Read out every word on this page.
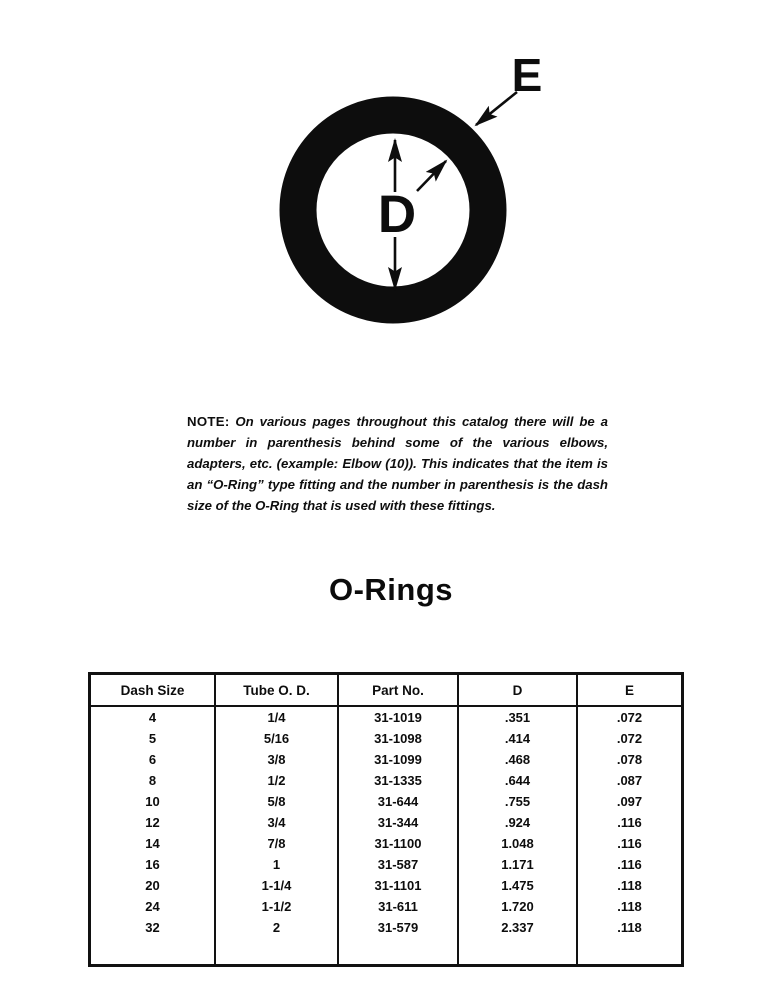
D
E

NOTE: On various pages throughout this catalog there will be a number in parenthesis behind some of the various elbows, adapters, etc. (example: Elbow (10)). This indicates that the item is an “O-Ring” type fitting and the number in parenthesis is the dash size of the O-Ring that is used with these fittings.

O-Rings
Dash Size	Tube O. D.	Part No.	D	E
4	1/4	31-1019	.351	.072
5	5/16	31-1098	.414	.072
6	3/8	31-1099	.468	.078
8	1/2	31-1335	.644	.087
10	5/8	31-644	.755	.097
12	3/4	31-344	.924	.116
14	7/8	31-1100	1.048	.116
16	1	31-587	1.171	.116
20	1-1/4	31-1101	1.475	.118
24	1-1/2	31-611	1.720	.118
32	2	31-579	2.337	.118
